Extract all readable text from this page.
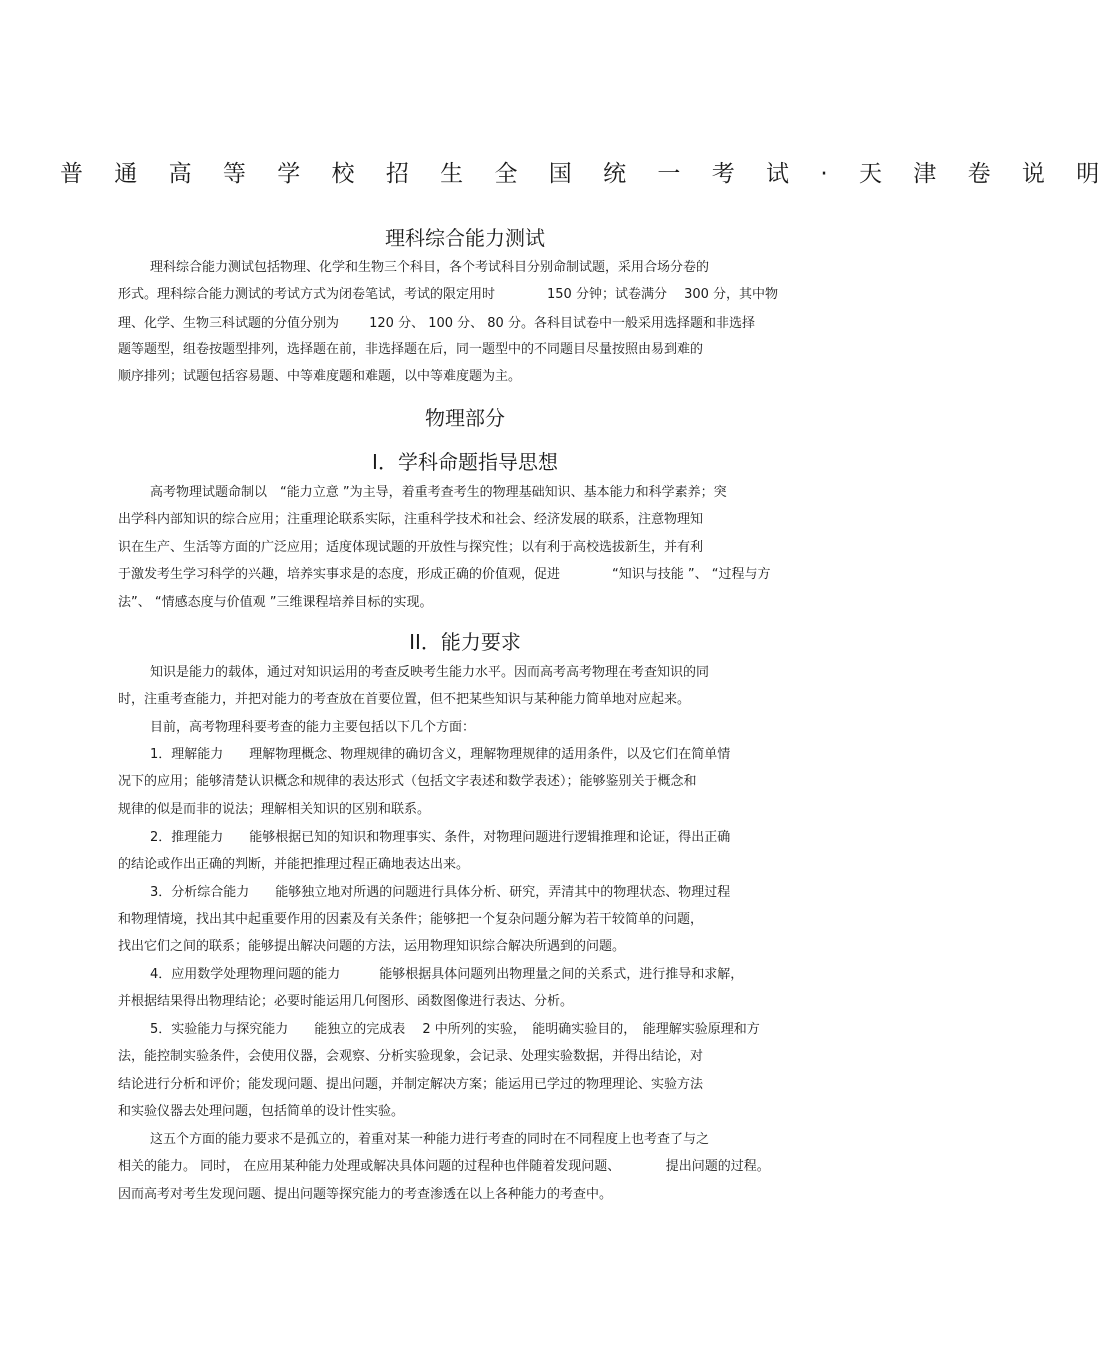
普 通 高 等 学 校 招 生 全 国 统 一 考 试 · 天 津 卷 说 明
理科综合能力测试
理科综合能力测试包括物理、化学和生物三个科目，各个考试科目分别命制试题，采用合场分卷的
形式。理科综合能力测试的考试方式为闭卷笔试，考试的限定用时　　　　150 分钟；试卷满分　 300 分，其中物
理、化学、生物三科试题的分值分别为　　 120 分、 100 分、 80 分。各科目试卷中一般采用选择题和非选择
题等题型，组卷按题型排列，选择题在前，非选择题在后，同一题型中的不同题目尽量按照由易到难的
顺序排列；试题包括容易题、中等难度题和难题，以中等难度题为主。
物理部分
I．学科命题指导思想
高考物理试题命制以　“能力立意 ”为主导，着重考查考生的物理基础知识、基本能力和科学素养；突
出学科内部知识的综合应用；注重理论联系实际，注重科学技术和社会、经济发展的联系，注意物理知
识在生产、生活等方面的广泛应用；适度体现试题的开放性与探究性；以有利于高校选拔新生，并有利
于激发考生学习科学的兴趣，培养实事求是的态度，形成正确的价值观，促进　　　　“知识与技能 ”、 “过程与方
法”、 “情感态度与价值观 ”三维课程培养目标的实现。
II．能力要求
知识是能力的载体，通过对知识运用的考查反映考生能力水平。因而高考高考物理在考查知识的同
时，注重考查能力，并把对能力的考查放在首要位置，但不把某些知识与某种能力简单地对应起来。
目前，高考物理科要考查的能力主要包括以下几个方面：
1．理解能力　　理解物理概念、物理规律的确切含义，理解物理规律的适用条件，以及它们在简单情
况下的应用；能够清楚认识概念和规律的表达形式（包括文字表述和数学表述）；能够鉴别关于概念和
规律的似是而非的说法；理解相关知识的区别和联系。
2．推理能力　　能够根据已知的知识和物理事实、条件，对物理问题进行逻辑推理和论证，得出正确
的结论或作出正确的判断，并能把推理过程正确地表达出来。
3．分析综合能力　　能够独立地对所遇的问题进行具体分析、研究，弄清其中的物理状态、物理过程
和物理情境，找出其中起重要作用的因素及有关条件；能够把一个复杂问题分解为若干较简单的问题，
找出它们之间的联系；能够提出解决问题的方法，运用物理知识综合解决所遇到的问题。
4．应用数学处理物理问题的能力　　　能够根据具体问题列出物理量之间的关系式，进行推导和求解，
并根据结果得出物理结论；必要时能运用几何图形、函数图像进行表达、分析。
5．实验能力与探究能力　　能独立的完成表　 2 中所列的实验，　能明确实验目的，　能理解实验原理和方
法，能控制实验条件，会使用仪器，会观察、分析实验现象，会记录、处理实验数据，并得出结论，对
结论进行分析和评价；能发现问题、提出问题，并制定解决方案；能运用已学过的物理理论、实验方法
和实验仪器去处理问题，包括简单的设计性实验。
这五个方面的能力要求不是孤立的，着重对某一种能力进行考查的同时在不同程度上也考查了与之
相关的能力。 同时， 在应用某种能力处理或解决具体问题的过程种也伴随着发现问题、　　　　提出问题的过程。
因而高考对考生发现问题、提出问题等探究能力的考查渗透在以上各种能力的考查中。
